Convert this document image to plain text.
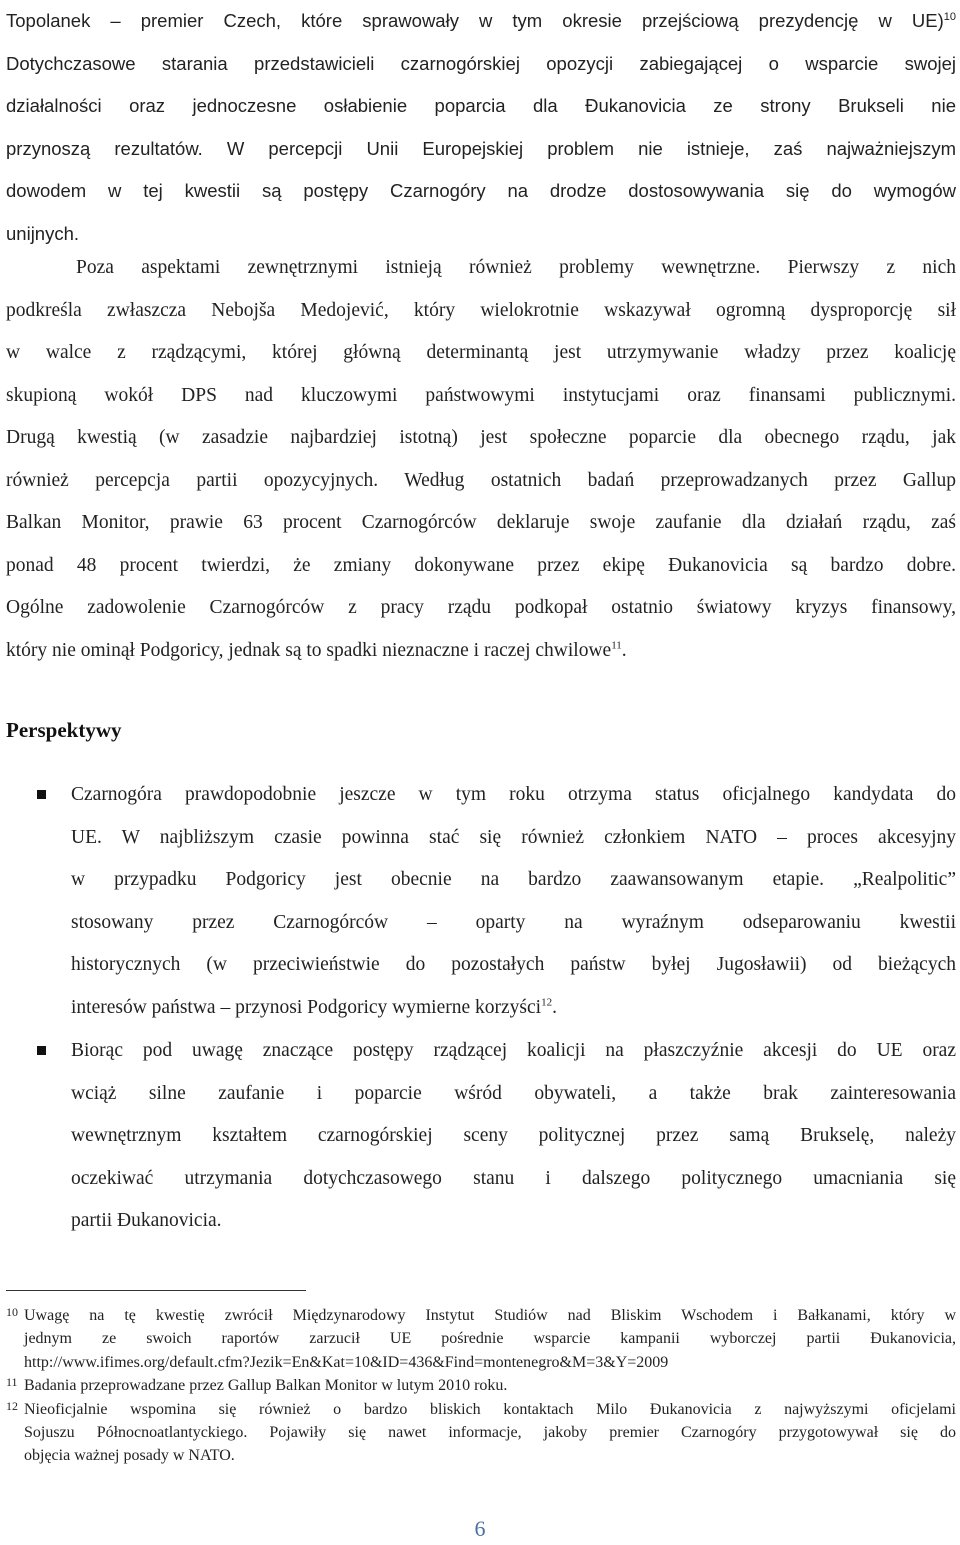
Topolanek – premier Czech, które sprawowały w tym okresie przejściową prezydencję w UE)$^{10}$
Dotychczasowe starania przedstawicieli czarnogórskiej opozycji zabiegającej o wsparcie swojej
działalności oraz jednoczesne osłabienie poparcia dla Đukanovicia ze strony Brukseli nie
przynoszą rezultatów. W percepcji Unii Europejskiej problem nie istnieje, zaś najważniejszym
dowodem w tej kwestii są postępy Czarnogóry na drodze dostosowywania się do wymogów
unijnych.
Poza aspektami zewnętrznymi istnieją również problemy wewnętrzne. Pierwszy z nich
podkreśla zwłaszcza Nebojša Medojević, który wielokrotnie wskazywał ogromną dysproporcję sił
w walce z rządzącymi, której główną determinantą jest utrzymywanie władzy przez koalicję
skupioną wokół DPS nad kluczowymi państwowymi instytucjami oraz finansami publicznymi.
Drugą kwestią (w zasadzie najbardziej istotną) jest społeczne poparcie dla obecnego rządu, jak
również percepcja partii opozycyjnych. Według ostatnich badań przeprowadzanych przez Gallup
Balkan Monitor, prawie 63 procent Czarnogórców deklaruje swoje zaufanie dla działań rządu, zaś
ponad 48 procent twierdzi, że zmiany dokonywane przez ekipę Đukanovicia są bardzo dobre.
Ogólne zadowolenie Czarnogórców z pracy rządu podkopał ostatnio światowy kryzys finansowy,
który nie ominął Podgoricy, jednak są to spadki nieznaczne i raczej chwilowe$^{11}$.
Perspektywy
Czarnogóra prawdopodobnie jeszcze w tym roku otrzyma status oficjalnego kandydata do
UE. W najbliższym czasie powinna stać się również członkiem NATO – proces akcesyjny
w przypadku Podgoricy jest obecnie na bardzo zaawansowanym etapie. „Realpolitic”
stosowany przez Czarnogórców – oparty na wyraźnym odseparowaniu kwestii
historycznych (w przeciwieństwie do pozostałych państw byłej Jugosławii) od bieżących
interesów państwa – przynosi Podgoricy wymierne korzyści$^{12}$.
Biorąc pod uwagę znaczące postępy rządzącej koalicji na płaszczyźnie akcesji do UE oraz
wciąż silne zaufanie i poparcie wśród obywateli, a także brak zainteresowania
wewnętrznym kształtem czarnogórskiej sceny politycznej przez samą Brukselę, należy
oczekiwać utrzymania dotychczasowego stanu i dalszego politycznego umacniania się
partii Đukanovicia.
10 Uwagę na tę kwestię zwrócił Międzynarodowy Instytut Studiów nad Bliskim Wschodem i Bałkanami, który w
jednym ze swoich raportów zarzucił UE pośrednie wsparcie kampanii wyborczej partii Đukanovicia,
http://www.ifimes.org/default.cfm?Jezik=En&Kat=10&ID=436&Find=montenegro&M=3&Y=2009
11 Badania przeprowadzane przez Gallup Balkan Monitor w lutym 2010 roku.
12 Nieoficjalnie wspomina się również o bardzo bliskich kontaktach Milo Đukanovicia z najwyższymi oficjelami
Sojuszu Północnoatlantyckiego. Pojawiły się nawet informacje, jakoby premier Czarnogóry przygotowywał się do
objęcia ważnej posady w NATO.
6
